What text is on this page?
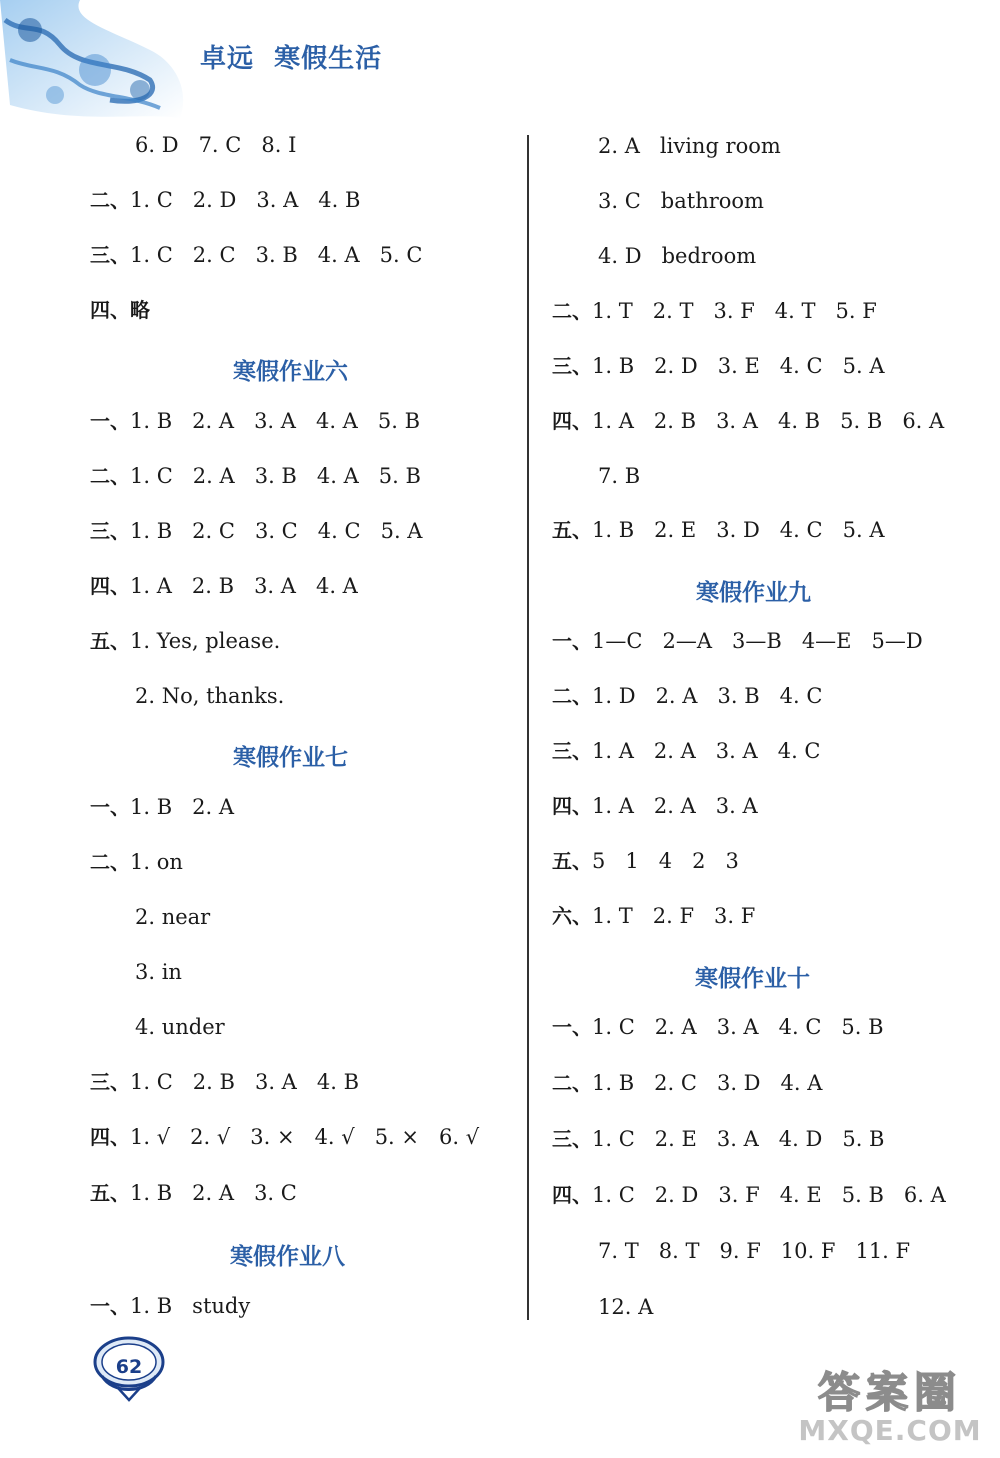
卓远  寒假生活
6. D   7. C   8. I
二、1. C   2. D   3. A   4. B
三、1. C   2. C   3. B   4. A   5. C
四、略
寒假作业六
一、1. B   2. A   3. A   4. A   5. B
二、1. C   2. A   3. B   4. A   5. B
三、1. B   2. C   3. C   4. C   5. A
四、1. A   2. B   3. A   4. A
五、1. Yes, please.
2. No, thanks.
寒假作业七
一、1. B   2. A
二、1. on
2. near
3. in
4. under
三、1. C   2. B   3. A   4. B
四、1. √   2. √   3. ×   4. √   5. ×   6. √
五、1. B   2. A   3. C
寒假作业八
一、1. B   study
2. A   living room
3. C   bathroom
4. D   bedroom
二、1. T   2. T   3. F   4. T   5. F
三、1. B   2. D   3. E   4. C   5. A
四、1. A   2. B   3. A   4. B   5. B   6. A
7. B
五、1. B   2. E   3. D   4. C   5. A
寒假作业九
一、1—C   2—A   3—B   4—E   5—D
二、1. D   2. A   3. B   4. C
三、1. A   2. A   3. A   4. C
四、1. A   2. A   3. A
五、5   1   4   2   3
六、1. T   2. F   3. F
寒假作业十
一、1. C   2. A   3. A   4. C   5. B
二、1. B   2. C   3. D   4. A
三、1. C   2. E   3. A   4. D   5. B
四、1. C   2. D   3. F   4. E   5. B   6. A
7. T   8. T   9. F   10. F   11. F
12. A
62
答案圈
MXQE.COM
